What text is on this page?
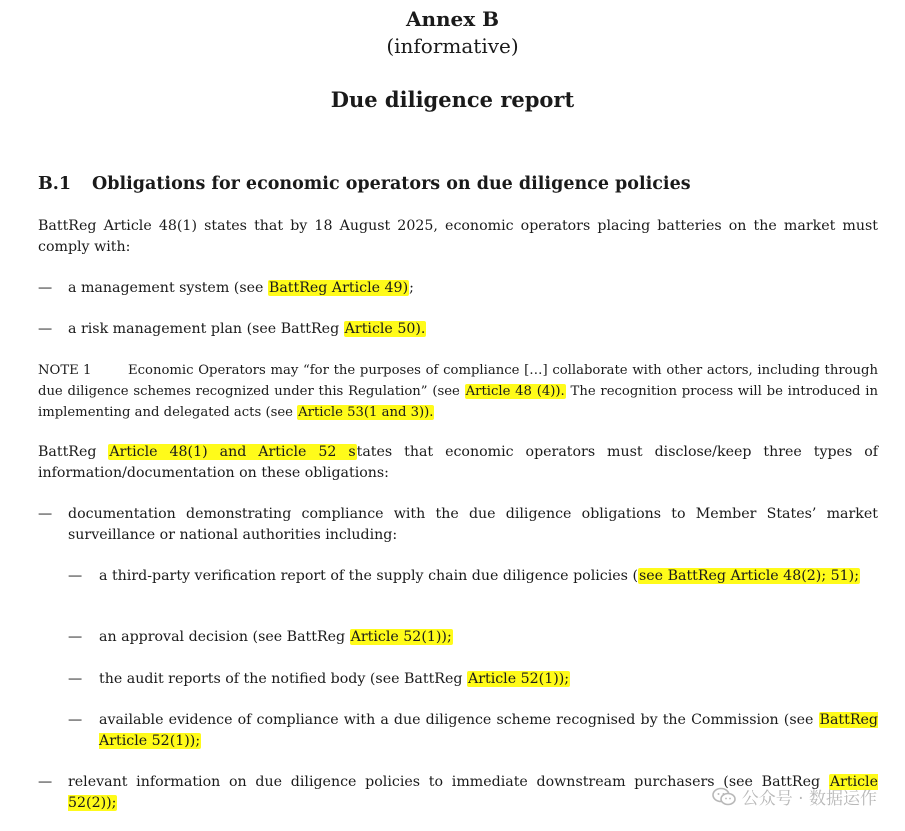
Annex B
(informative)
Due diligence report
B.1 Obligations for economic operators on due diligence policies
BattReg Article 48(1) states that by 18 August 2025, economic operators placing batteries on the market must comply with:
— a management system (see BattReg Article 49);
— a risk management plan (see BattReg Article 50).
NOTE 1	Economic Operators may “for the purposes of compliance […] collaborate with other actors, including through due diligence schemes recognized under this Regulation” (see Article 48 (4)). The recognition process will be introduced in implementing and delegated acts (see Article 53(1 and 3)).
BattReg Article 48(1) and Article 52 states that economic operators must disclose/keep three types of information/documentation on these obligations:
— documentation demonstrating compliance with the due diligence obligations to Member States’ market surveillance or national authorities including:
— a third-party verification report of the supply chain due diligence policies (see BattReg Article 48(2); 51);
— an approval decision (see BattReg Article 52(1));
— the audit reports of the notified body (see BattReg Article 52(1));
— available evidence of compliance with a due diligence scheme recognised by the Commission (see BattReg Article 52(1));
— relevant information on due diligence policies to immediate downstream purchasers (see BattReg Article 52(2));	公众号 · 数据运作
